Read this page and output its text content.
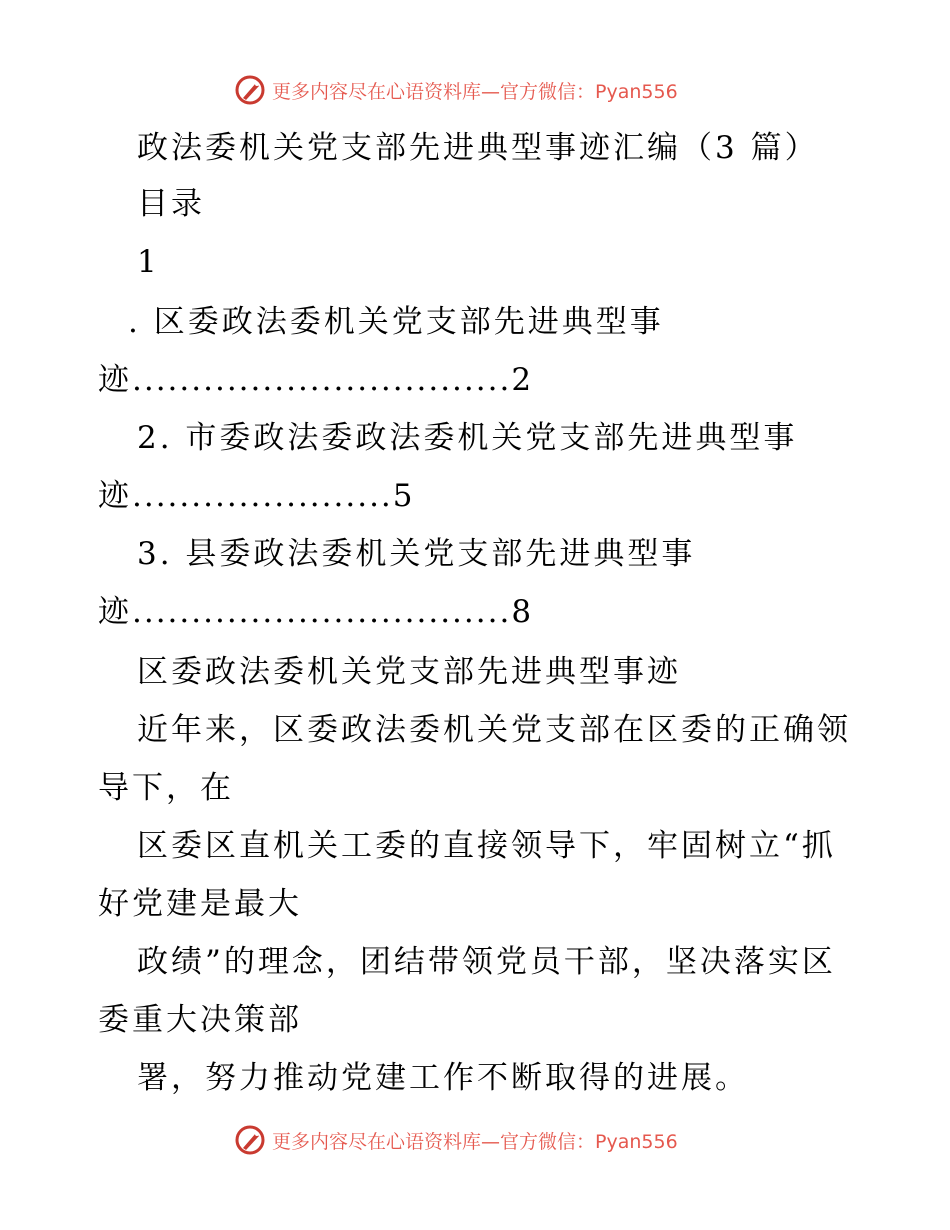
更多内容尽在心语资料库—官方微信：Pyan556
政法委机关党支部先进典型事迹汇编（3 篇）
目录
1
. 区委政法委机关党支部先进典型事
迹................................2
2. 市委政法委政法委机关党支部先进典型事
迹......................5
3. 县委政法委机关党支部先进典型事
迹................................8
区委政法委机关党支部先进典型事迹
近年来，区委政法委机关党支部在区委的正确领
导下，在
区委区直机关工委的直接领导下，牢固树立“抓
好党建是最大
政绩”的理念，团结带领党员干部，坚决落实区
委重大决策部
署，努力推动党建工作不断取得的进展。
更多内容尽在心语资料库—官方微信：Pyan556
